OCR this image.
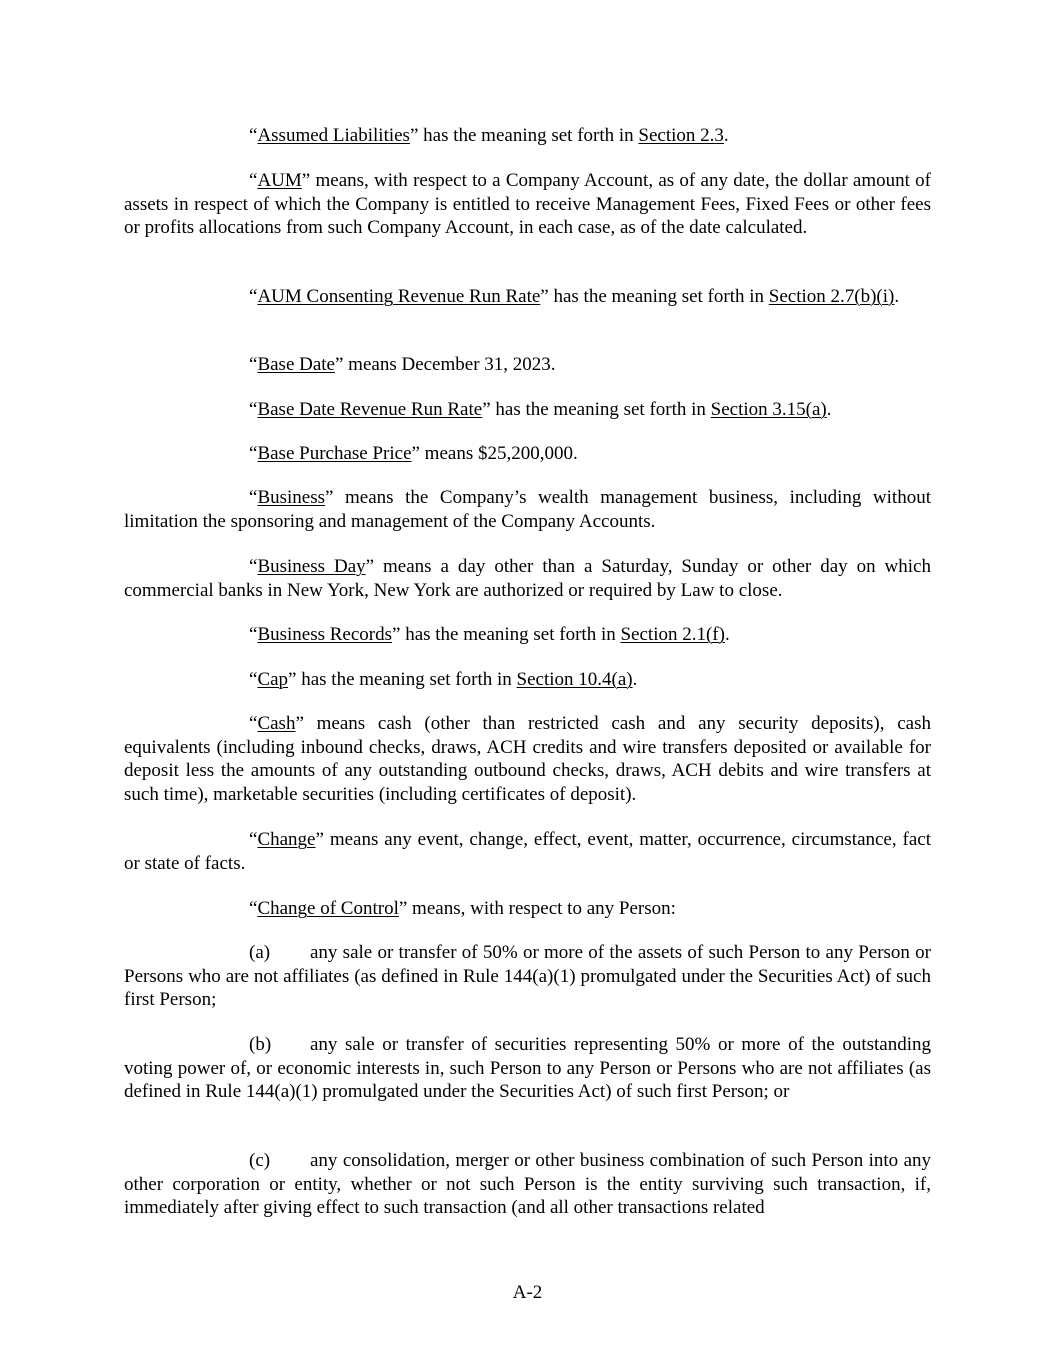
“Assumed Liabilities” has the meaning set forth in Section 2.3.

“AUM” means, with respect to a Company Account, as of any date, the dollar amount of assets in respect of which the Company is entitled to receive Management Fees, Fixed Fees or other fees or profits allocations from such Company Account, in each case, as of the date calculated.

“AUM Consenting Revenue Run Rate” has the meaning set forth in Section 2.7(b)(i).

“Base Date” means December 31, 2023.

“Base Date Revenue Run Rate” has the meaning set forth in Section 3.15(a).

“Base Purchase Price” means $25,200,000.

“Business” means the Company’s wealth management business, including without limitation the sponsoring and management of the Company Accounts.

“Business Day” means a day other than a Saturday, Sunday or other day on which commercial banks in New York, New York are authorized or required by Law to close.

“Business Records” has the meaning set forth in Section 2.1(f).

“Cap” has the meaning set forth in Section 10.4(a).

“Cash” means cash (other than restricted cash and any security deposits), cash equivalents (including inbound checks, draws, ACH credits and wire transfers deposited or available for deposit less the amounts of any outstanding outbound checks, draws, ACH debits and wire transfers at such time), marketable securities (including certificates of deposit).

“Change” means any event, change, effect, event, matter, occurrence, circumstance, fact or state of facts.

“Change of Control” means, with respect to any Person:

(a) any sale or transfer of 50% or more of the assets of such Person to any Person or Persons who are not affiliates (as defined in Rule 144(a)(1) promulgated under the Securities Act) of such first Person;

(b) any sale or transfer of securities representing 50% or more of the outstanding voting power of, or economic interests in, such Person to any Person or Persons who are not affiliates (as defined in Rule 144(a)(1) promulgated under the Securities Act) of such first Person; or

(c) any consolidation, merger or other business combination of such Person into any other corporation or entity, whether or not such Person is the entity surviving such transaction, if, immediately after giving effect to such transaction (and all other transactions related

A-2
